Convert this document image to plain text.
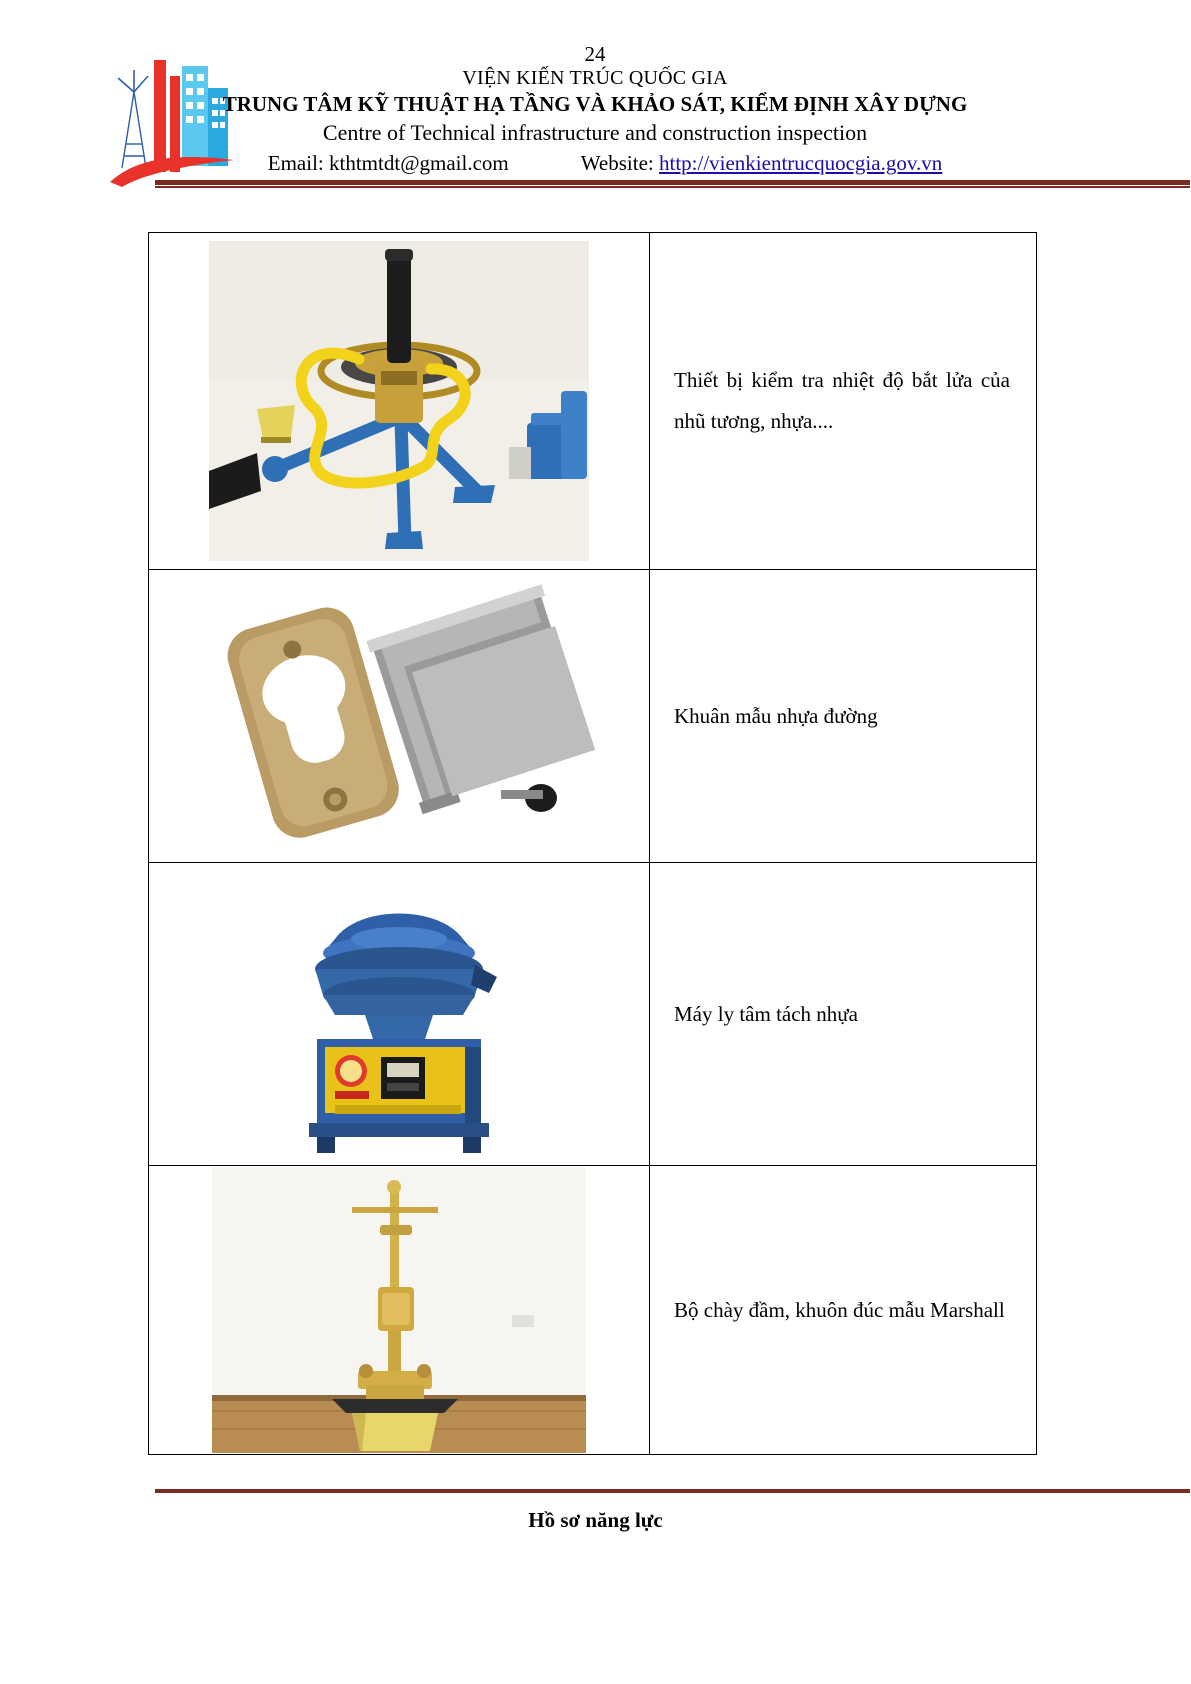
24
VIỆN KIẾN TRÚC QUỐC GIA
TRUNG TÂM KỸ THUẬT HẠ TẦNG VÀ KHẢO SÁT, KIỂM ĐỊNH XÂY DỰNG
Centre of Technical infrastructure and construction inspection
Email: kthtmtdt@gmail.com	Website: http://vienkientrucquocgia.gov.vn

Thiết bị kiểm tra nhiệt độ bắt lửa của nhũ tương, nhựa....

Khuân mẫu nhựa đường

Máy ly tâm tách nhựa

Bộ chày đầm, khuôn đúc mẫu Marshall
Hồ sơ năng lực
